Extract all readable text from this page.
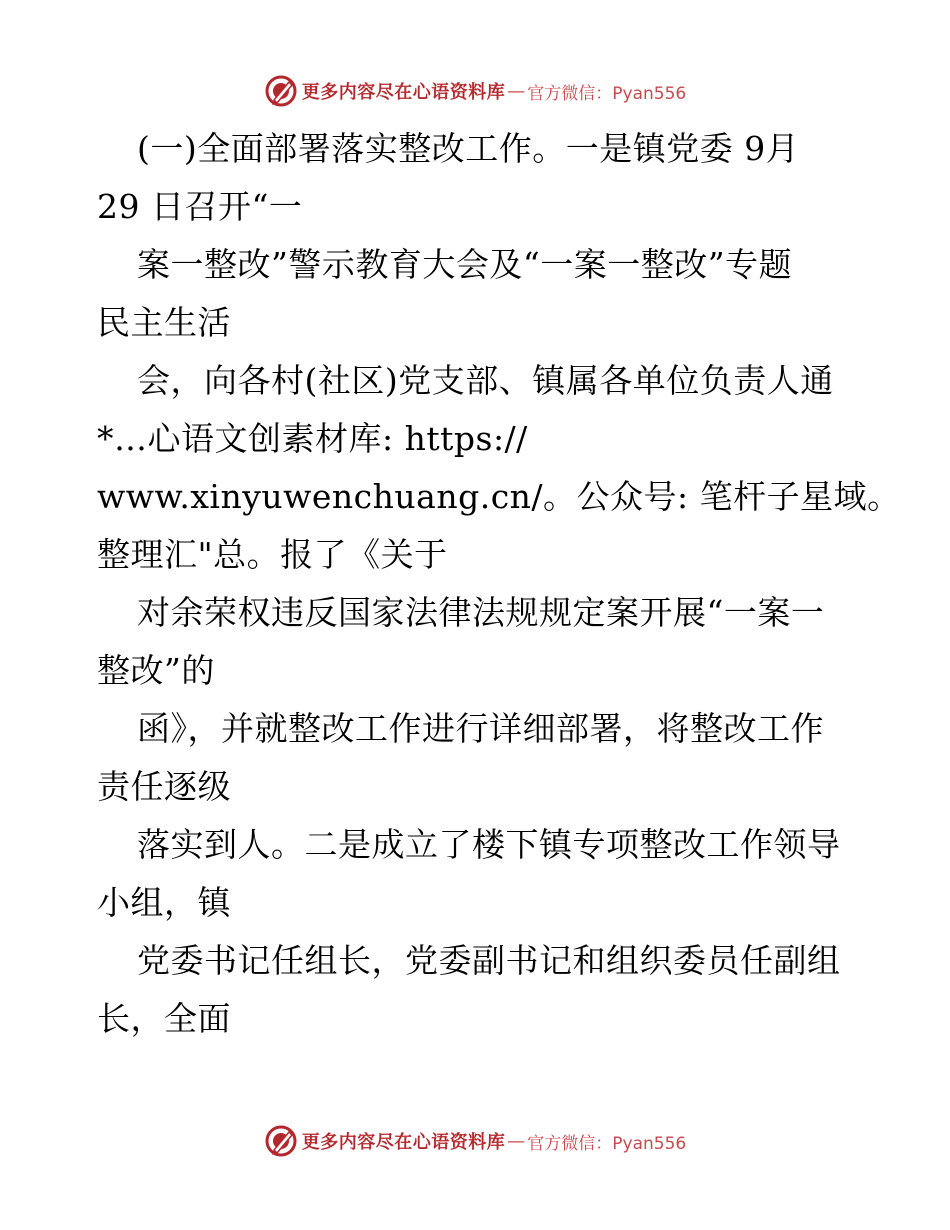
更多内容尽在心语资料库 — 官方微信：Pyan556
(一)全面部署落实整改工作。一是镇党委 9月
29 日召开“一
案一整改”警示教育大会及“一案一整改”专题
民主生活
会，向各村(社区)党支部、镇属各单位负责人通
*…心语文创素材库: https://
www.xinyuwenchuang.cn/。公众号: 笔杆子星域。
整理汇"总。报了《关于
对余荣权违反国家法律法规规定案开展“一案一
整改”的
函》，并就整改工作进行详细部署，将整改工作
责任逐级
落实到人。二是成立了楼下镇专项整改工作领导
小组，镇
党委书记任组长，党委副书记和组织委员任副组
长，全面
更多内容尽在心语资料库 — 官方微信：Pyan556
